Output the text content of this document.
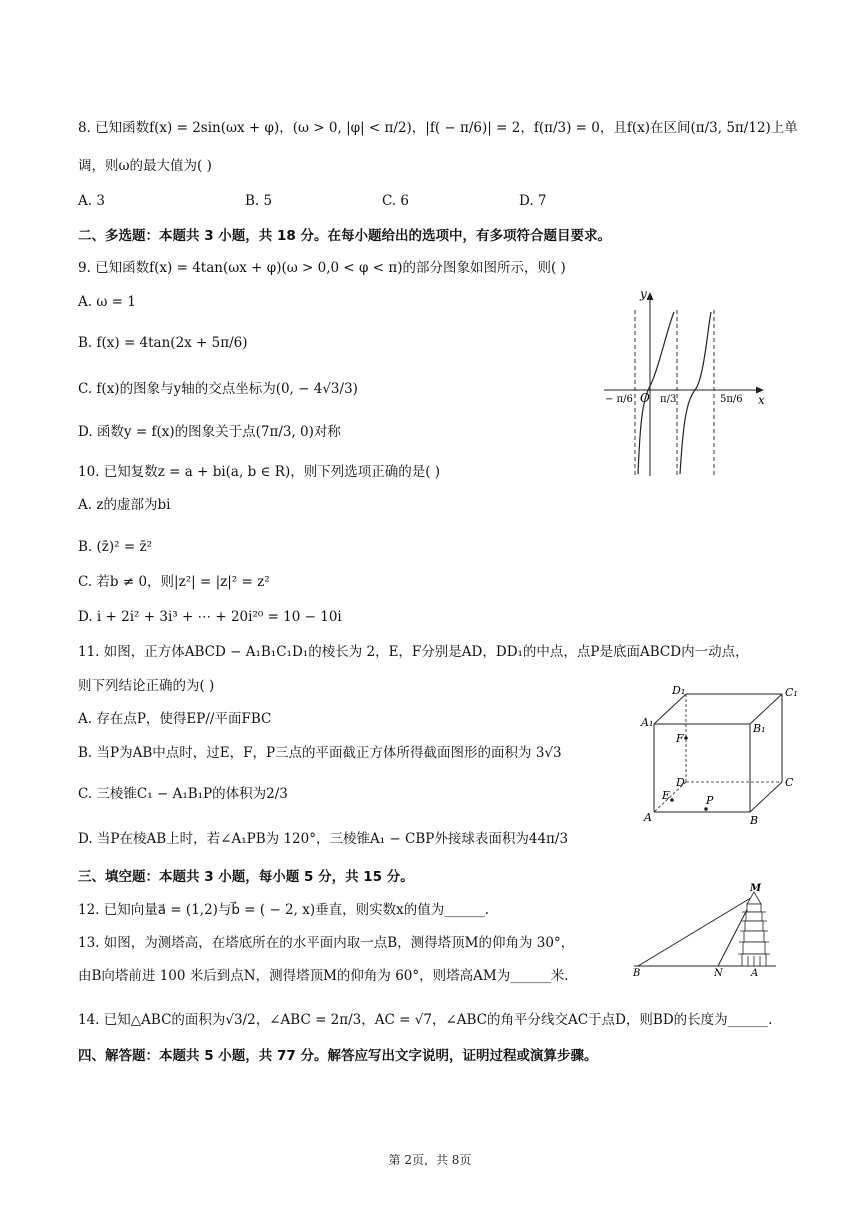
8. 已知函数f(x) = 2sin(ωx + φ)，(ω > 0, |φ| < π/2)，|f( − π/6)| = 2，f(π/3) = 0，且f(x)在区间(π/3, 5π/12)上单
调，则ω的最大值为( )
A. 3	B. 5	C. 6	D. 7
二、多选题：本题共 3 小题，共 18 分。在每小题给出的选项中，有多项符合题目要求。
9. 已知函数f(x) = 4tan(ωx + φ)(ω > 0,0 < φ < π)的部分图象如图所示，则( )
A. ω = 1
B. f(x) = 4tan(2x + 5π/6)
C. f(x)的图象与y轴的交点坐标为(0, − 4√3/3)
D. 函数y = f(x)的图象关于点(7π/3, 0)对称
y
x
O
− π/6	π/3	5π/6
10. 已知复数z = a + bi(a, b ∈ R)，则下列选项正确的是( )
A. z的虚部为bi
B. (z̄)² = z̄²
C. 若b ≠ 0，则|z²| = |z|² = z²
D. i + 2i² + 3i³ + ⋯ + 20i²⁰ = 10 − 10i
11. 如图，正方体ABCD − A₁B₁C₁D₁的棱长为 2，E，F分别是AD，DD₁的中点，点P是底面ABCD内一动点，
则下列结论正确的为( )
A. 存在点P，使得EP//平面FBC
B. 当P为AB中点时，过E，F，P三点的平面截正方体所得截面图形的面积为 3√3
C. 三棱锥C₁ − A₁B₁P的体积为2/3
D. 当P在棱AB上时，若∠A₁PB为 120°，三棱锥A₁ − CBP外接球表面积为44π/3
D₁	C₁
A₁	B₁
F
D	C
E	P
A	B
三、填空题：本题共 3 小题，每小题 5 分，共 15 分。
12. 已知向量a⃗ = (1,2)与b⃗ = ( − 2, x)垂直，则实数x的值为______.
13. 如图，为测塔高，在塔底所在的水平面内取一点B，测得塔顶M的仰角为 30°，
由B向塔前进 100 米后到点N，测得塔顶M的仰角为 60°，则塔高AM为______米.
M
B	N	A
14. 已知△ABC的面积为√3/2，∠ABC = 2π/3，AC = √7，∠ABC的角平分线交AC于点D，则BD的长度为______.
四、解答题：本题共 5 小题，共 77 分。解答应写出文字说明，证明过程或演算步骤。
第 2页，共 8页
